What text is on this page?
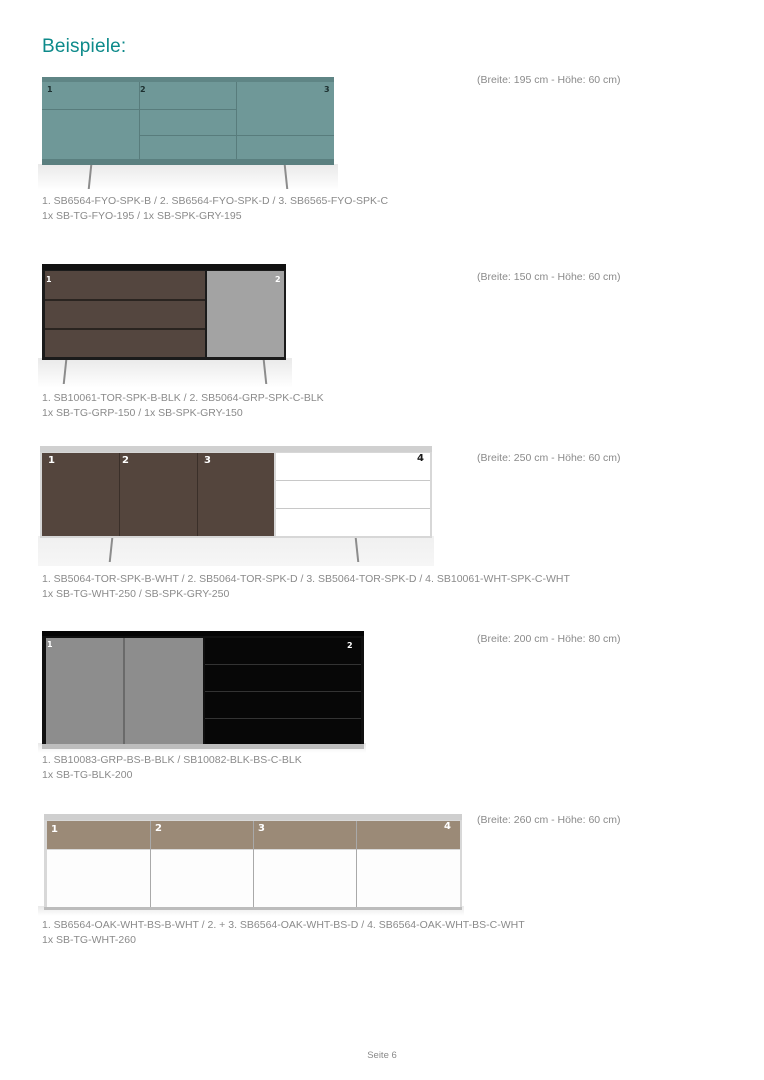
Beispiele:
1	2	3
(Breite: 195 cm - Höhe: 60 cm)
1. SB6564-FYO-SPK-B / 2. SB6564-FYO-SPK-D / 3. SB6565-FYO-SPK-C
1x SB-TG-FYO-195 / 1x SB-SPK-GRY-195
1	2	(Breite: 150 cm - Höhe: 60 cm)
1. SB10061-TOR-SPK-B-BLK / 2. SB5064-GRP-SPK-C-BLK
1x SB-TG-GRP-150 / 1x SB-SPK-GRY-150
1	2	3	4	(Breite: 250 cm - Höhe: 60 cm)
1. SB5064-TOR-SPK-B-WHT / 2. SB5064-TOR-SPK-D / 3. SB5064-TOR-SPK-D / 4. SB10061-WHT-SPK-C-WHT
1x SB-TG-WHT-250 / SB-SPK-GRY-250
1	2
(Breite: 200 cm - Höhe: 80 cm)
1. SB10083-GRP-BS-B-BLK / SB10082-BLK-BS-C-BLK
1x SB-TG-BLK-200
1	2	3	4
(Breite: 260 cm - Höhe: 60 cm)
1. SB6564-OAK-WHT-BS-B-WHT / 2. + 3. SB6564-OAK-WHT-BS-D / 4. SB6564-OAK-WHT-BS-C-WHT
1x SB-TG-WHT-260
Seite 6
